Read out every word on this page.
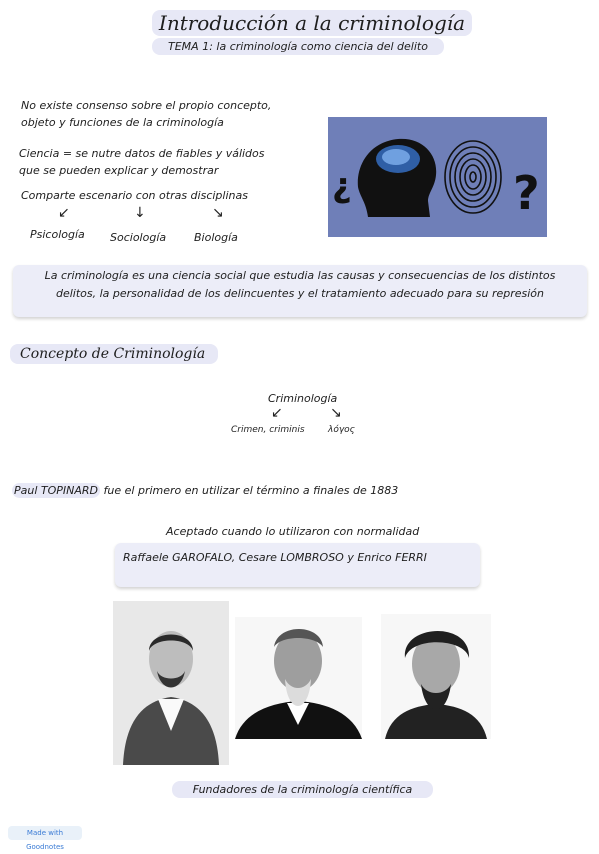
Introducción a la criminología
TEMA 1: la criminología como ciencia del delito
No existe consenso sobre el propio concepto,
objeto y funciones de la criminología
Ciencia = se nutre datos de fiables y válidos
que se pueden explicar y demostrar
Comparte escenario con otras disciplinas
↙	↓	↘
Psicología Sociología	Biología
¿	?
La criminología es una ciencia social que estudia las causas y consecuencias de los distintos
delitos, la personalidad de los delincuentes y el tratamiento adecuado para su represión
Concepto de Criminología
Criminología
↙	↘
Crimen, criminis	λόγος
Paul TOPINARD fue el primero en utilizar el término a finales de 1883
Aceptado cuando lo utilizaron con normalidad
Raffaele GAROFALO, Cesare LOMBROSO y Enrico FERRI
Fundadores de la criminología científica
Made with Goodnotes
